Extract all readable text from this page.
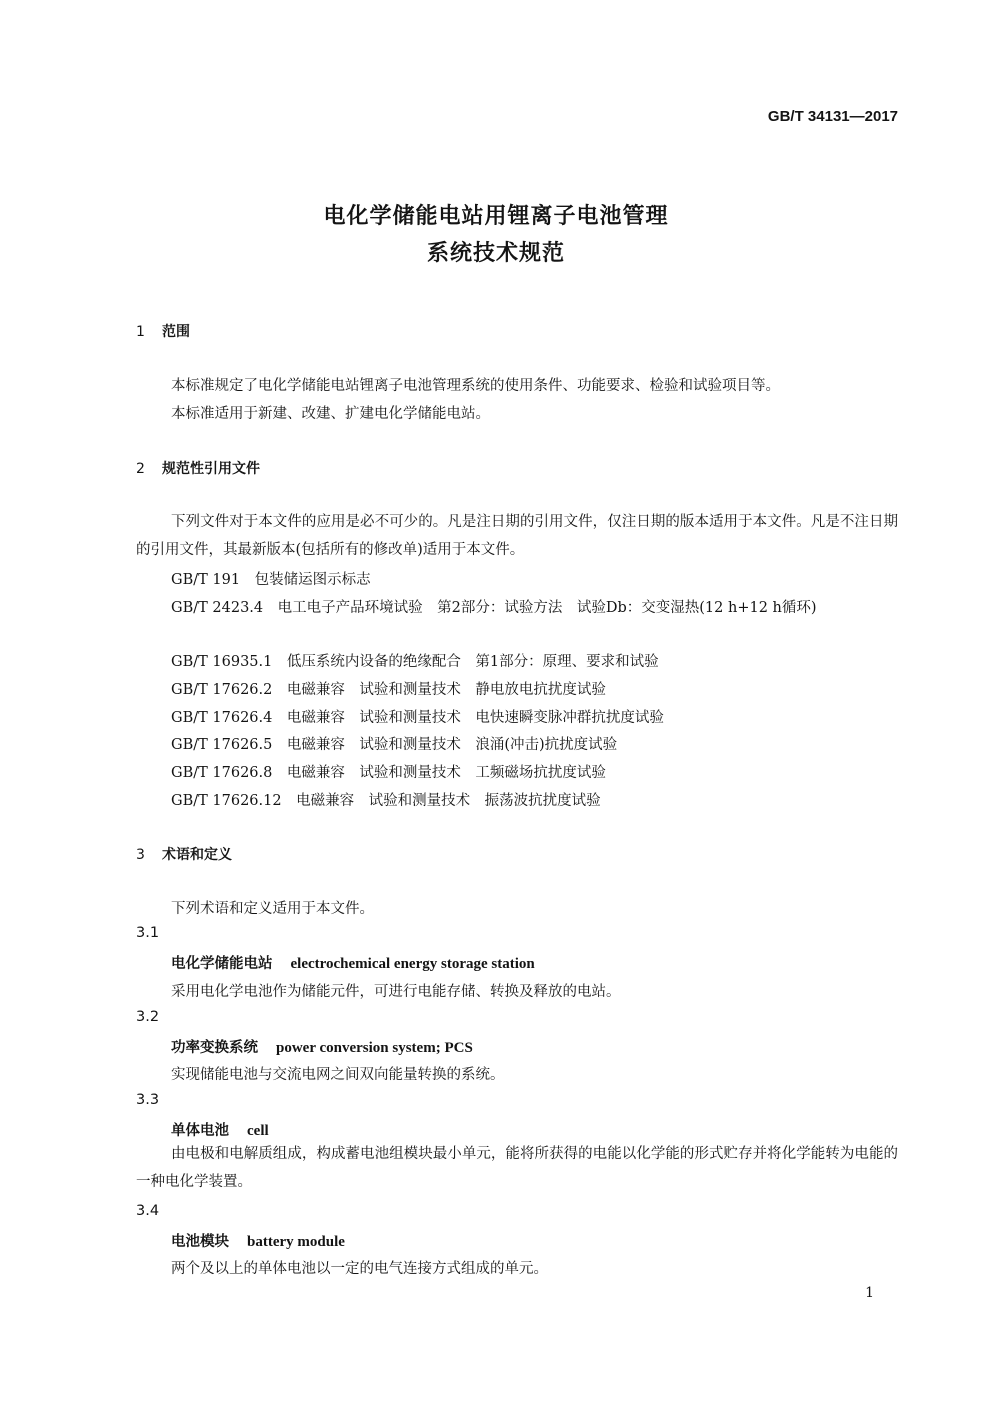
GB/T 34131—2017
电化学储能电站用锂离子电池管理
系统技术规范
1 范围
本标准规定了电化学储能电站锂离子电池管理系统的使用条件、功能要求、检验和试验项目等。
本标准适用于新建、改建、扩建电化学储能电站。
2 规范性引用文件
下列文件对于本文件的应用是必不可少的。凡是注日期的引用文件，仅注日期的版本适用于本文件。凡是不注日期的引用文件，其最新版本(包括所有的修改单)适用于本文件。
GB/T 191　包装储运图示标志
GB/T 2423.4　电工电子产品环境试验　第2部分：试验方法　试验Db：交变湿热(12 h+12 h循环)
GB/T 16935.1　低压系统内设备的绝缘配合　第1部分：原理、要求和试验
GB/T 17626.2　电磁兼容　试验和测量技术　静电放电抗扰度试验
GB/T 17626.4　电磁兼容　试验和测量技术　电快速瞬变脉冲群抗扰度试验
GB/T 17626.5　电磁兼容　试验和测量技术　浪涌(冲击)抗扰度试验
GB/T 17626.8　电磁兼容　试验和测量技术　工频磁场抗扰度试验
GB/T 17626.12　电磁兼容　试验和测量技术　振荡波抗扰度试验
3 术语和定义
下列术语和定义适用于本文件。
3.1
电化学储能电站 electrochemical energy storage station
采用电化学电池作为储能元件，可进行电能存储、转换及释放的电站。
3.2
功率变换系统 power conversion system; PCS
实现储能电池与交流电网之间双向能量转换的系统。
3.3
单体电池 cell
由电极和电解质组成，构成蓄电池组模块最小单元，能将所获得的电能以化学能的形式贮存并将化学能转为电能的一种电化学装置。
3.4
电池模块 battery module
两个及以上的单体电池以一定的电气连接方式组成的单元。
1
